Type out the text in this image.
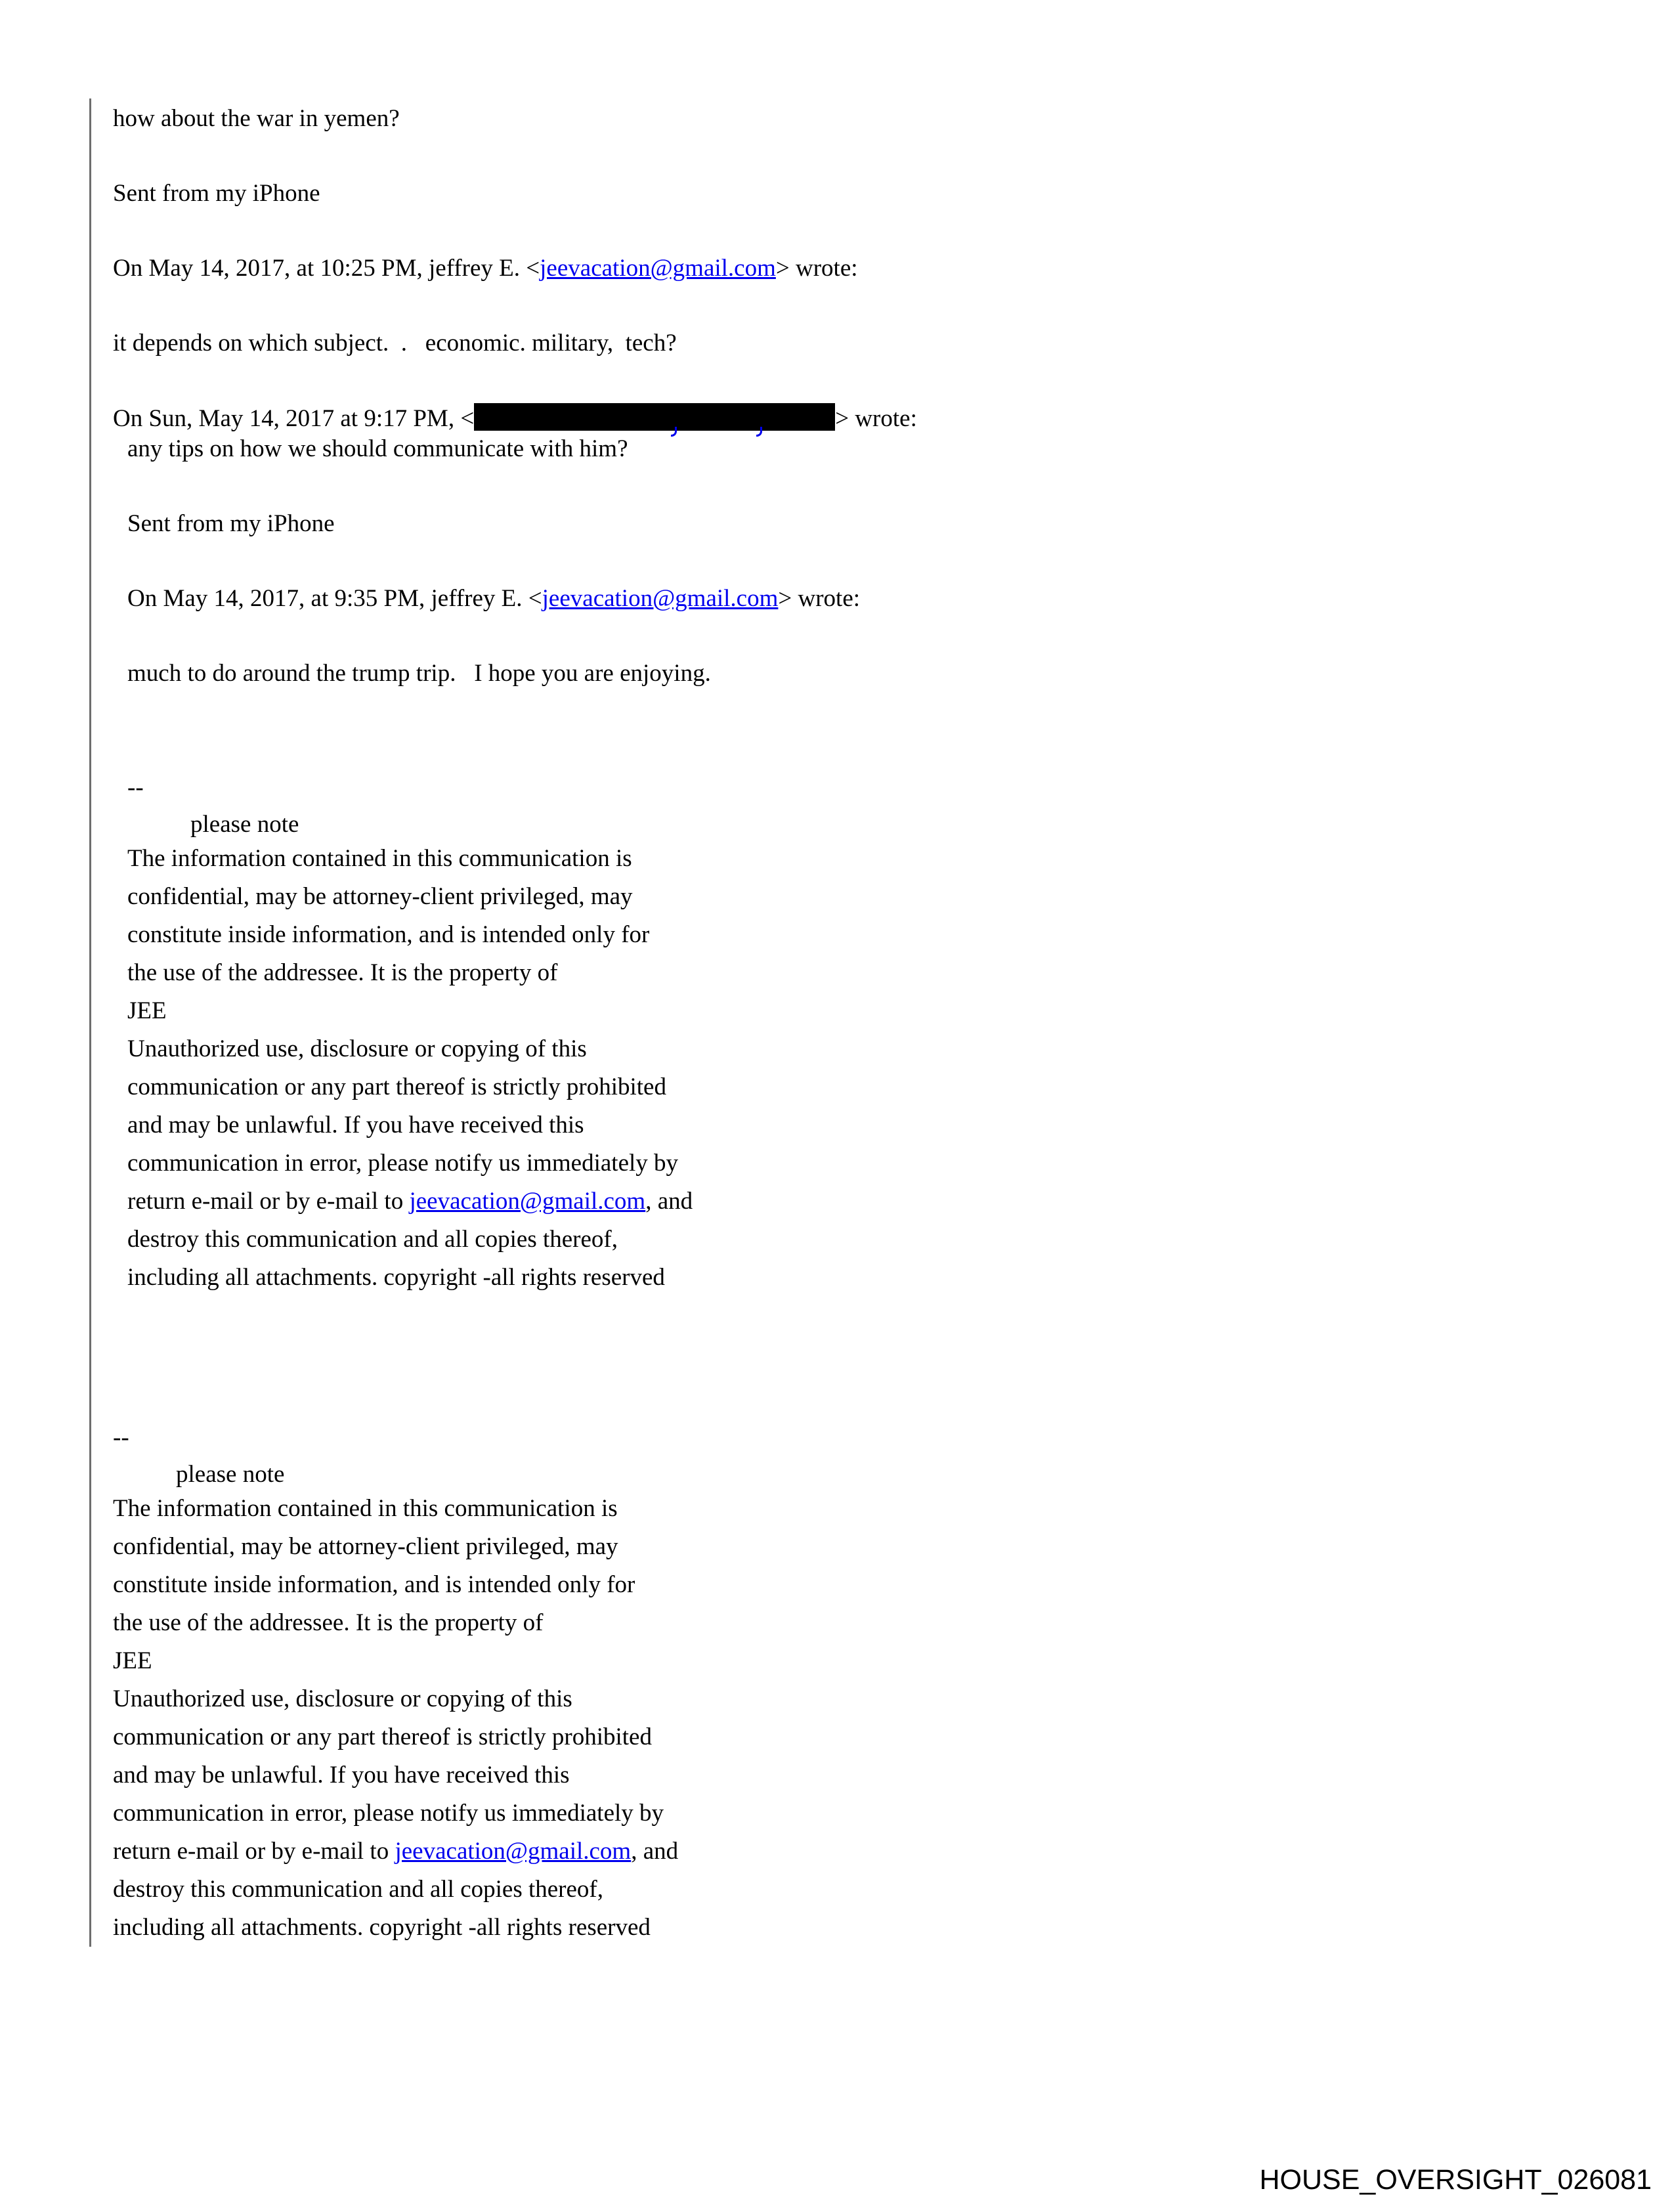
how about the war in yemen?

Sent from my iPhone

On May 14, 2017, at 10:25 PM, jeffrey E. <jeevacation@gmail.com> wrote:

it depends on which subject.  .   economic. military,  tech?

On Sun, May 14, 2017 at 9:17 PM, <	> wrote:

any tips on how we should communicate with him?

Sent from my iPhone

On May 14, 2017, at 9:35 PM, jeffrey E. <jeevacation@gmail.com> wrote:

much to do around the trump trip.   I hope you are enjoying.

--
please note
The information contained in this communication is
confidential, may be attorney-client privileged, may
constitute inside information, and is intended only for
the use of the addressee. It is the property of
JEE
Unauthorized use, disclosure or copying of this
communication or any part thereof is strictly prohibited
and may be unlawful. If you have received this
communication in error, please notify us immediately by
return e-mail or by e-mail to jeevacation@gmail.com, and
destroy this communication and all copies thereof,
including all attachments. copyright -all rights reserved
--
please note
The information contained in this communication is
confidential, may be attorney-client privileged, may
constitute inside information, and is intended only for
the use of the addressee. It is the property of
JEE
Unauthorized use, disclosure or copying of this
communication or any part thereof is strictly prohibited
and may be unlawful. If you have received this
communication in error, please notify us immediately by
return e-mail or by e-mail to jeevacation@gmail.com, and
destroy this communication and all copies thereof,
including all attachments. copyright -all rights reserved
HOUSE_OVERSIGHT_026081
